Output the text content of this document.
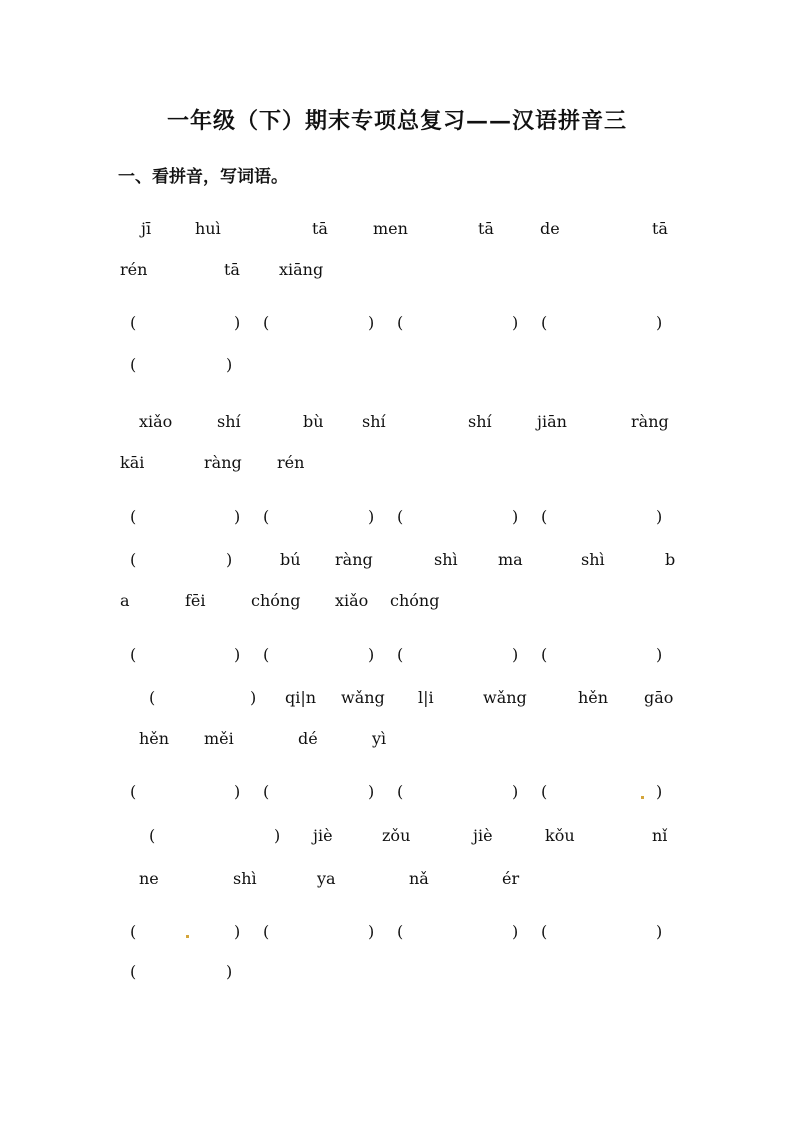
一年级（下）期末专项总复习——汉语拼音三
一、看拼音，写词语。
jī	huì	tā	men	tā	de	tā
rén	tā xiāng
(	) (	) (	) (	)
(	)
xiǎo	shí	bù shí	shí	jiān	ràng
kāi	ràng rén
(	) (	) (	) (	)
(	)	bú ràng	shì	ma	shì	b
a	fēi	chóng xiǎo chóng
(	) (	) (	) (	)
(	) qi|n wǎng l|i	wǎng	hěn gāo
hěn měi	dé	yì
(	) (	) (	) (	)
(	) jiè	zǒu	jiè	kǒu	nǐ
ne	shì	ya	nǎ	ér
(	) (	) (	) (	)
(	)
